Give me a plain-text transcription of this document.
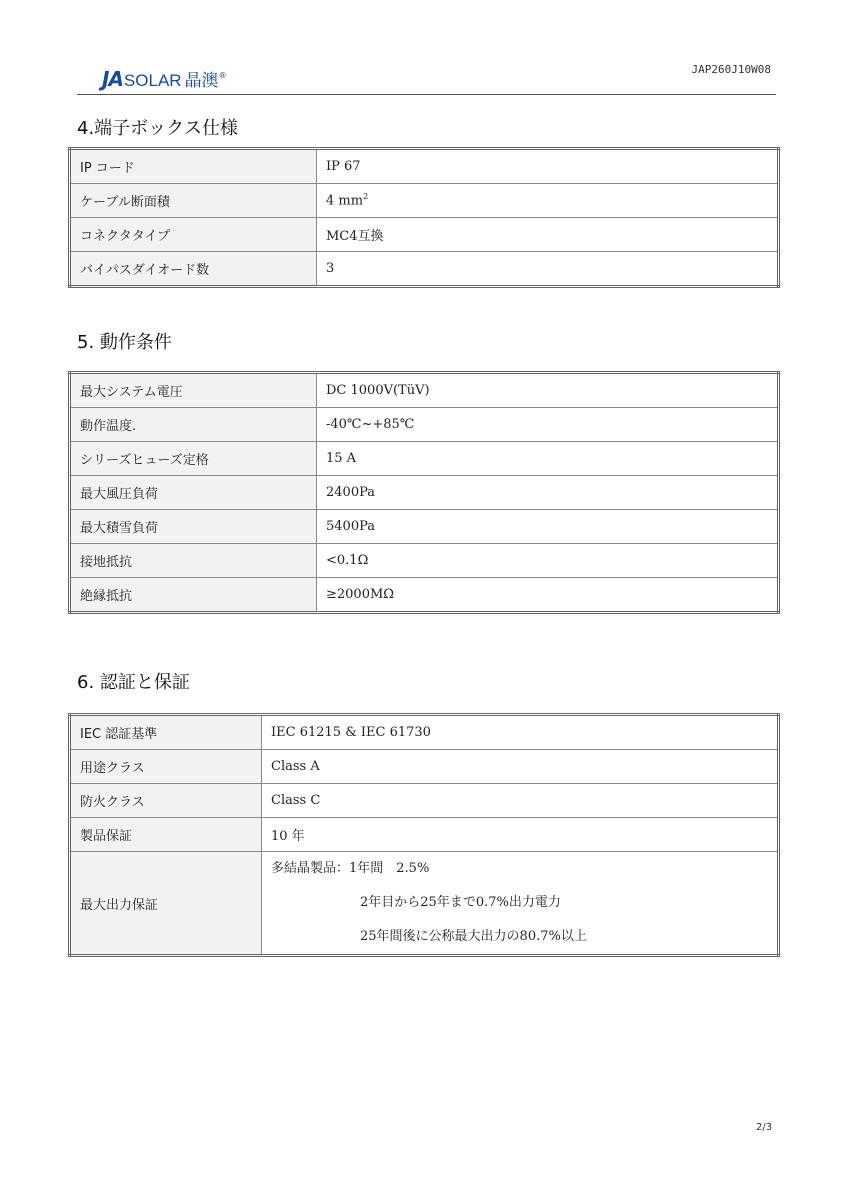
JA SOLAR 晶澳 ®	JAP260J10W08
4.端子ボックス仕様
IP コード	IP 67
ケーブル断面積	4 $mm^2$
コネクタタイプ	MC4互換
バイパスダイオード数	3
5. 動作条件
最大システム電圧	DC 1000V(TüV)
動作温度.	-40℃~+85℃
シリーズヒューズ定格	15 A
最大風圧負荷	2400Pa
最大積雪負荷	5400Pa
接地抵抗	<0.1Ω
絶縁抵抗	≥2000MΩ
6. 認証と保証
IEC 認証基準	IEC 61215 & IEC 61730
用途クラス	Class A
防火クラス	Class C
製品保証	10 年
最大出力保証	多結晶製品：1年間　2.5%
2年目から25年まで0.7%出力電力
25年間後に公称最大出力の80.7%以上
2/3
